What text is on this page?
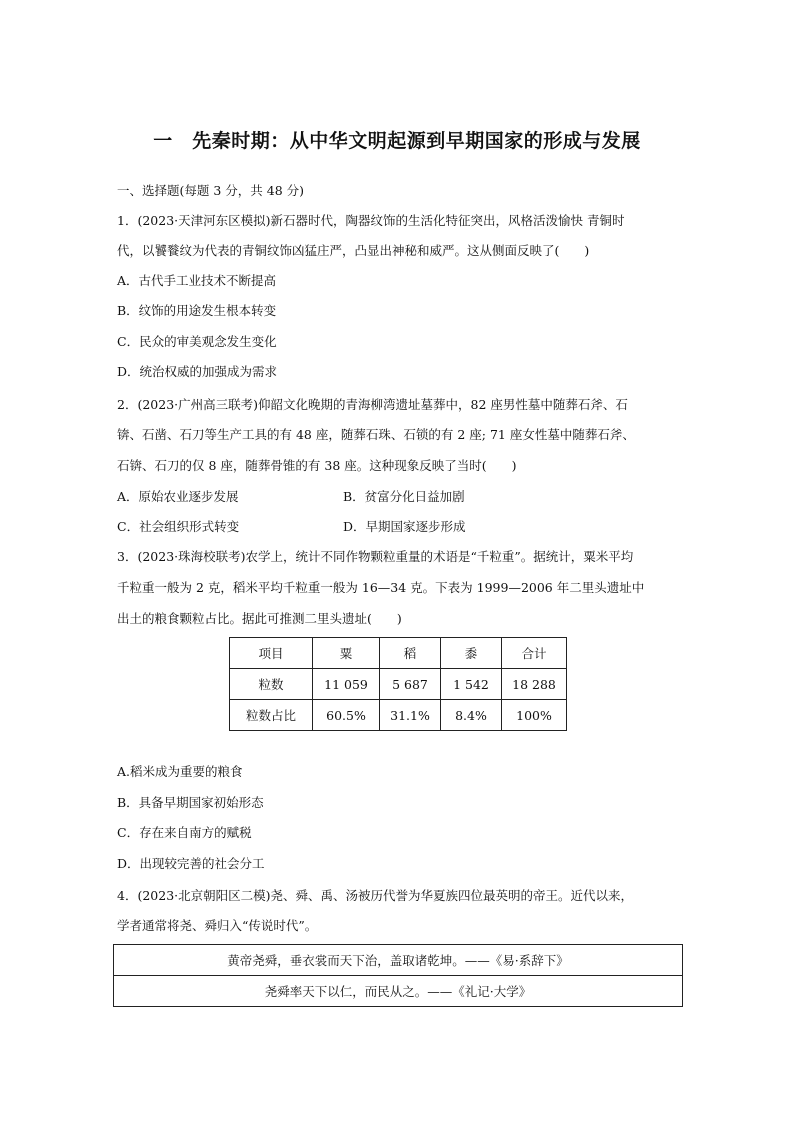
一　先秦时期：从中华文明起源到早期国家的形成与发展
一、选择题(每题 3 分，共 48 分)
1．(2023·天津河东区模拟)新石器时代，陶器纹饰的生活化特征突出，风格活泼愉快 青铜时
代，以饕餮纹为代表的青铜纹饰凶猛庄严，凸显出神秘和威严。这从侧面反映了(　　)
A．古代手工业技术不断提高
B．纹饰的用途发生根本转变
C．民众的审美观念发生变化
D．统治权威的加强成为需求
2．(2023·广州高三联考)仰韶文化晚期的青海柳湾遗址墓葬中，82 座男性墓中随葬石斧、石
锛、石凿、石刀等生产工具的有 48 座，随葬石珠、石锁的有 2 座; 71 座女性墓中随葬石斧、
石锛、石刀的仅 8 座，随葬骨锥的有 38 座。这种现象反映了当时(　　)
A．原始农业逐步发展	B．贫富分化日益加剧
C．社会组织形式转变	D．早期国家逐步形成
3．(2023·珠海校联考)农学上，统计不同作物颗粒重量的术语是“千粒重”。据统计，粟米平均
千粒重一般为 2 克，稻米平均千粒重一般为 16—34 克。下表为 1999—2006 年二里头遗址中
出土的粮食颗粒占比。据此可推测二里头遗址(　　)
项目	粟	稻	黍	合计
粒数	11 059	5 687	1 542	18 288
粒数占比	60.5%	31.1%	8.4%	100%
A.稻米成为重要的粮食
B．具备早期国家初始形态
C．存在来自南方的赋税
D．出现较完善的社会分工
4．(2023·北京朝阳区二模)尧、舜、禹、汤被历代誉为华夏族四位最英明的帝王。近代以来，
学者通常将尧、舜归入“传说时代”。
黄帝尧舜，垂衣裳而天下治，盖取诸乾坤。——《易·系辞下》
尧舜率天下以仁，而民从之。——《礼记·大学》
